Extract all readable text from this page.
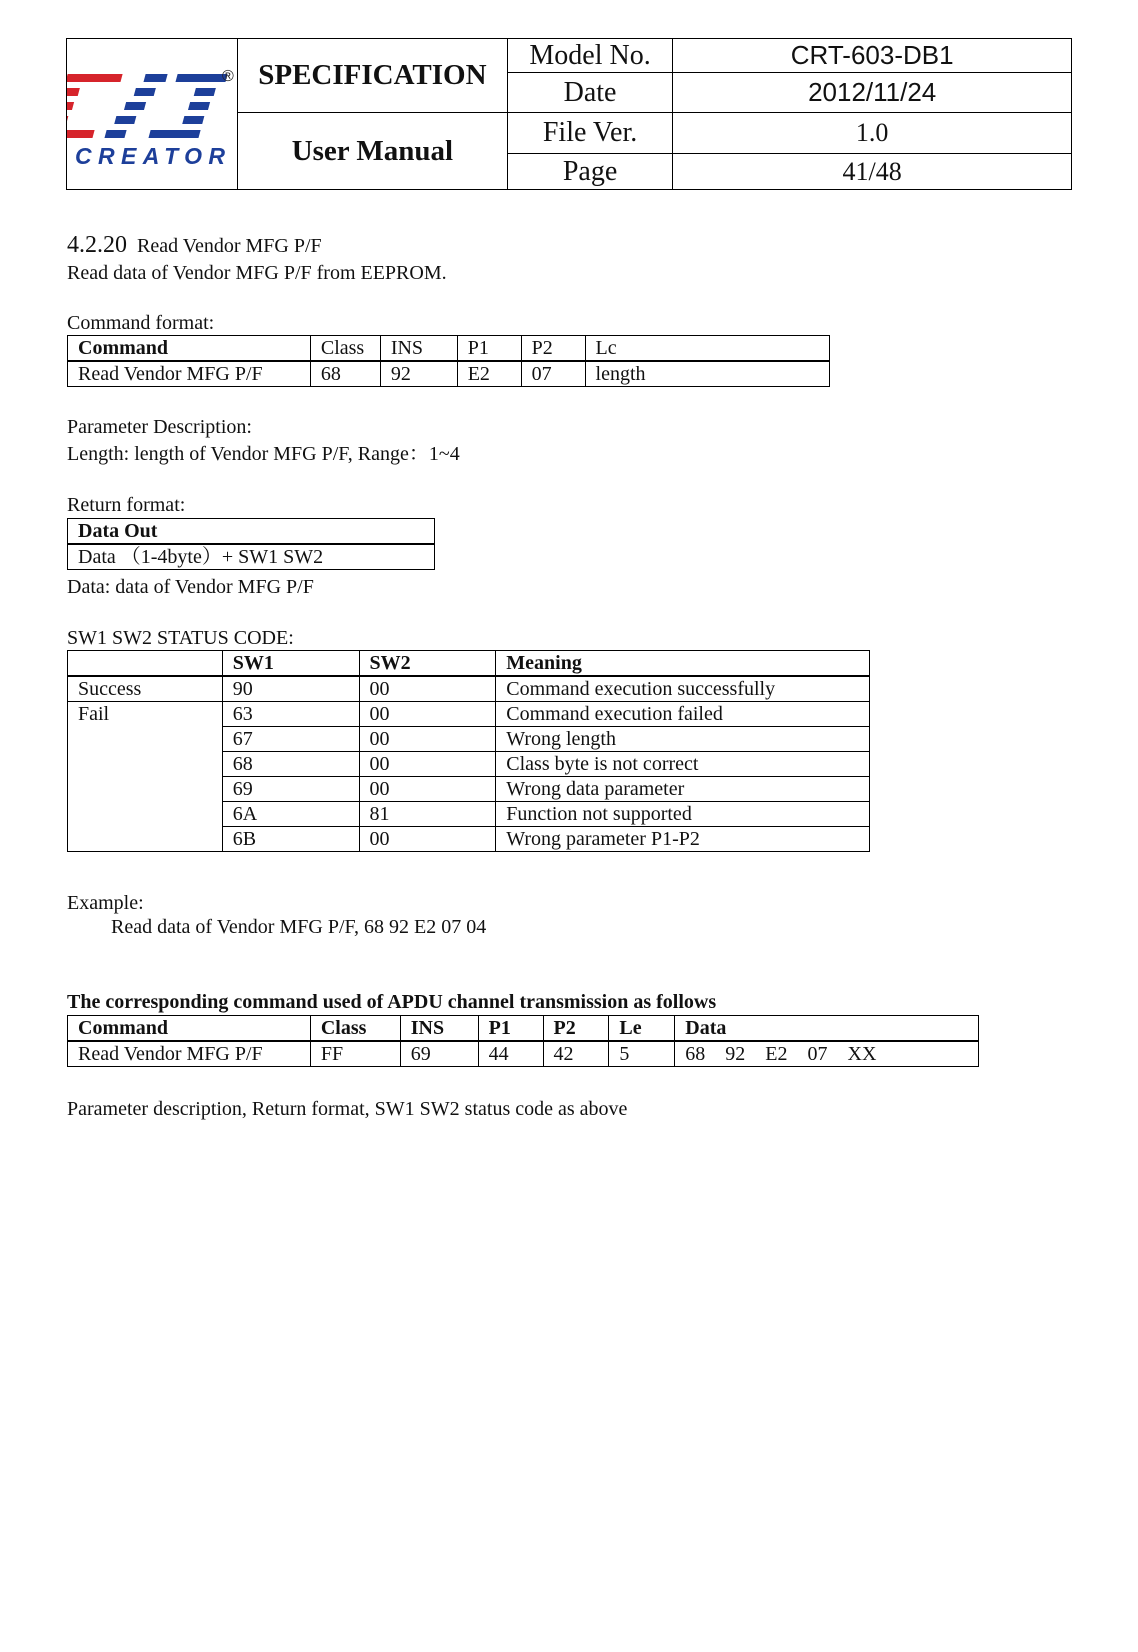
®
CREATOR	SPECIFICATION	Model No.	CRT-603-DB1
		Date	2012/11/24
	User Manual	File Ver.	1.0
		Page	41/48
4.2.20 Read Vendor MFG P/F
Read data of Vendor MFG P/F from EEPROM.
Command format:
Command	Class	INS	P1	P2	Lc
Read Vendor MFG P/F	68	92	E2	07	length
Parameter Description:
Length: length of Vendor MFG P/F, Range：1~4
Return format:
Data Out
Data （1-4byte）+ SW1 SW2
Data: data of Vendor MFG P/F
SW1 SW2 STATUS CODE:
	SW1	SW2	Meaning
Success	90	00	Command execution successfully
Fail	63	00	Command execution failed
	67	00	Wrong length
	68	00	Class byte is not correct
	69	00	Wrong data parameter
	6A	81	Function not supported
	6B	00	Wrong parameter P1-P2
Example:
Read data of Vendor MFG P/F, 68 92 E2 07 04
The corresponding command used of APDU channel transmission as follows
Command	Class	INS	P1	P2	Le	Data
Read Vendor MFG P/F	FF	69	44	42	5	68    92    E2    07    XX
Parameter description, Return format, SW1 SW2 status code as above
